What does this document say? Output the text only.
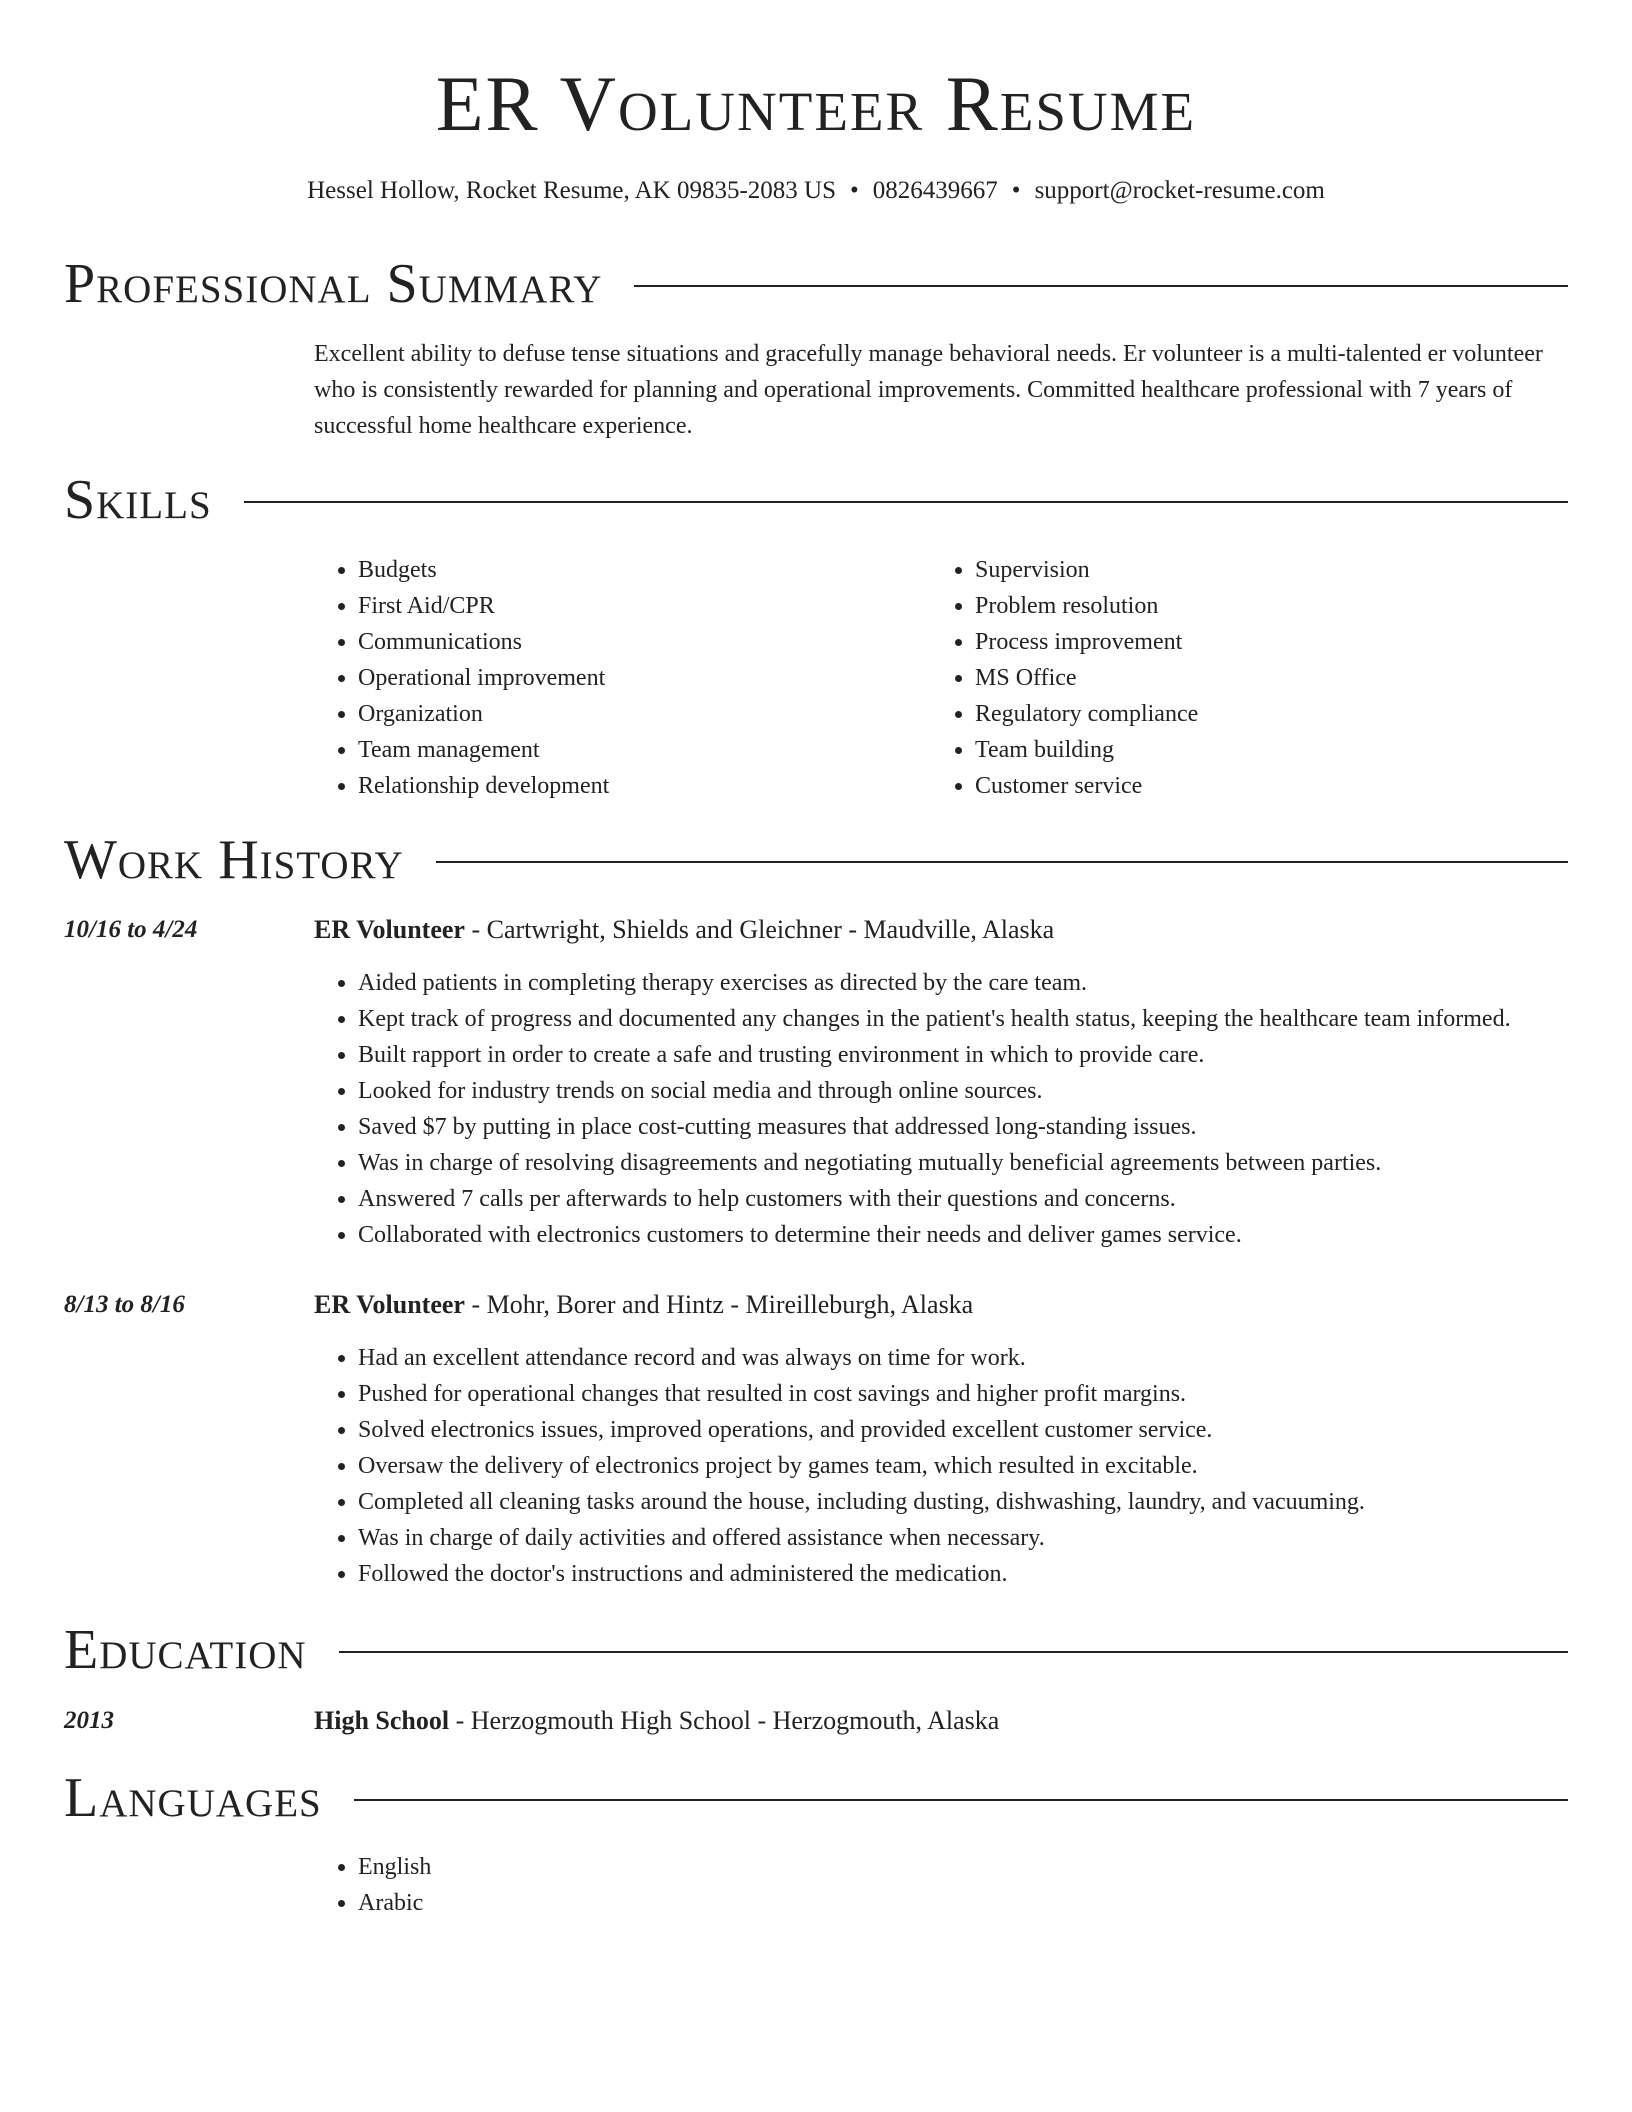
ER Volunteer Resume
Hessel Hollow, Rocket Resume, AK 09835-2083 US • 0826439667 • support@rocket-resume.com
Professional Summary

Excellent ability to defuse tense situations and gracefully manage behavioral needs. Er volunteer is a multi-talented er volunteer who is consistently rewarded for planning and operational improvements. Committed healthcare professional with 7 years of successful home healthcare experience.

Skills
• Budgets
• First Aid/CPR
• Communications
• Operational improvement
• Organization
• Team management
• Relationship development
• Supervision
• Problem resolution
• Process improvement
• MS Office
• Regulatory compliance
• Team building
• Customer service
Work History
10/16 to 4/24	ER Volunteer - Cartwright, Shields and Gleichner - Maudville, Alaska
• Aided patients in completing therapy exercises as directed by the care team.
• Kept track of progress and documented any changes in the patient's health status, keeping the healthcare team informed.
• Built rapport in order to create a safe and trusting environment in which to provide care.
• Looked for industry trends on social media and through online sources.
• Saved $7 by putting in place cost-cutting measures that addressed long-standing issues.
• Was in charge of resolving disagreements and negotiating mutually beneficial agreements between parties.
• Answered 7 calls per afterwards to help customers with their questions and concerns.
• Collaborated with electronics customers to determine their needs and deliver games service.
8/13 to 8/16	ER Volunteer - Mohr, Borer and Hintz - Mireilleburgh, Alaska
• Had an excellent attendance record and was always on time for work.
• Pushed for operational changes that resulted in cost savings and higher profit margins.
• Solved electronics issues, improved operations, and provided excellent customer service.
• Oversaw the delivery of electronics project by games team, which resulted in excitable.
• Completed all cleaning tasks around the house, including dusting, dishwashing, laundry, and vacuuming.
• Was in charge of daily activities and offered assistance when necessary.
• Followed the doctor's instructions and administered the medication.
Education
2013	High School - Herzogmouth High School - Herzogmouth, Alaska
Languages
• English
• Arabic
